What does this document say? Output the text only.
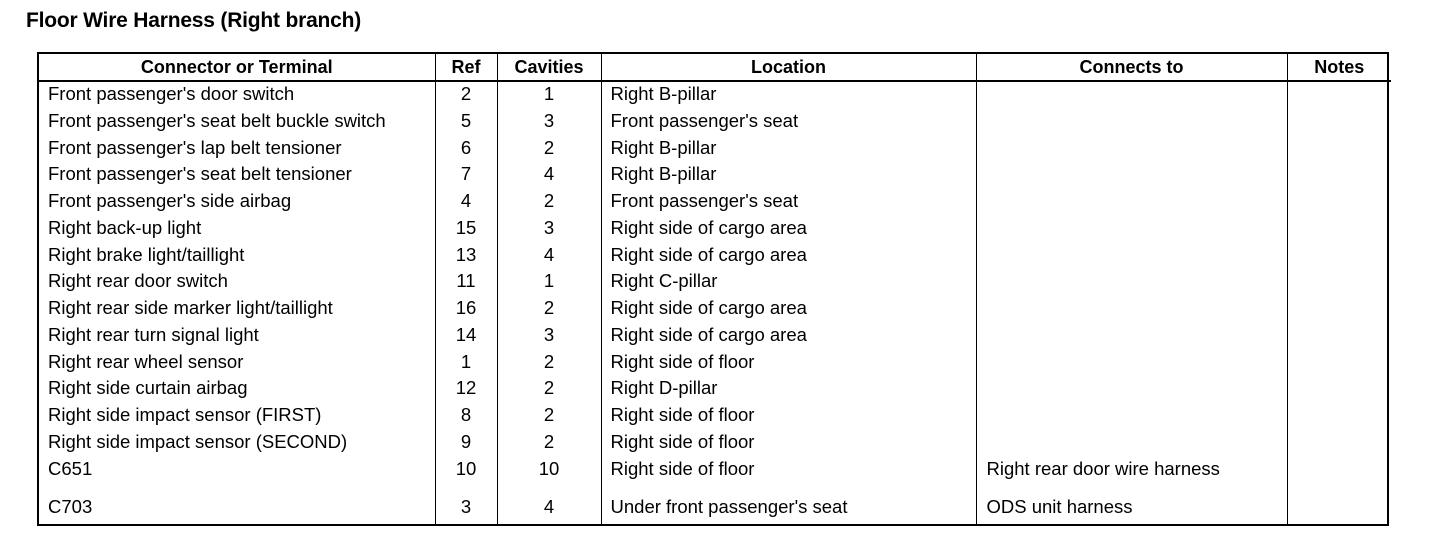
Floor Wire Harness (Right branch)
Connector or Terminal	Ref	Cavities	Location	Connects to	Notes
Front passenger's door switch	2	1	Right B-pillar		
Front passenger's seat belt buckle switch	5	3	Front passenger's seat		
Front passenger's lap belt tensioner	6	2	Right B-pillar		
Front passenger's seat belt tensioner	7	4	Right B-pillar		
Front passenger's side airbag	4	2	Front passenger's seat		
Right back-up light	15	3	Right side of cargo area		
Right brake light/taillight	13	4	Right side of cargo area		
Right rear door switch	11	1	Right C-pillar		
Right rear side marker light/taillight	16	2	Right side of cargo area		
Right rear turn signal light	14	3	Right side of cargo area		
Right rear wheel sensor	1	2	Right side of floor		
Right side curtain airbag	12	2	Right D-pillar		
Right side impact sensor (FIRST)	8	2	Right side of floor		
Right side impact sensor (SECOND)	9	2	Right side of floor		
C651	10	10	Right side of floor	Right rear door wire harness	
C703	3	4	Under front passenger's seat	ODS unit harness	
